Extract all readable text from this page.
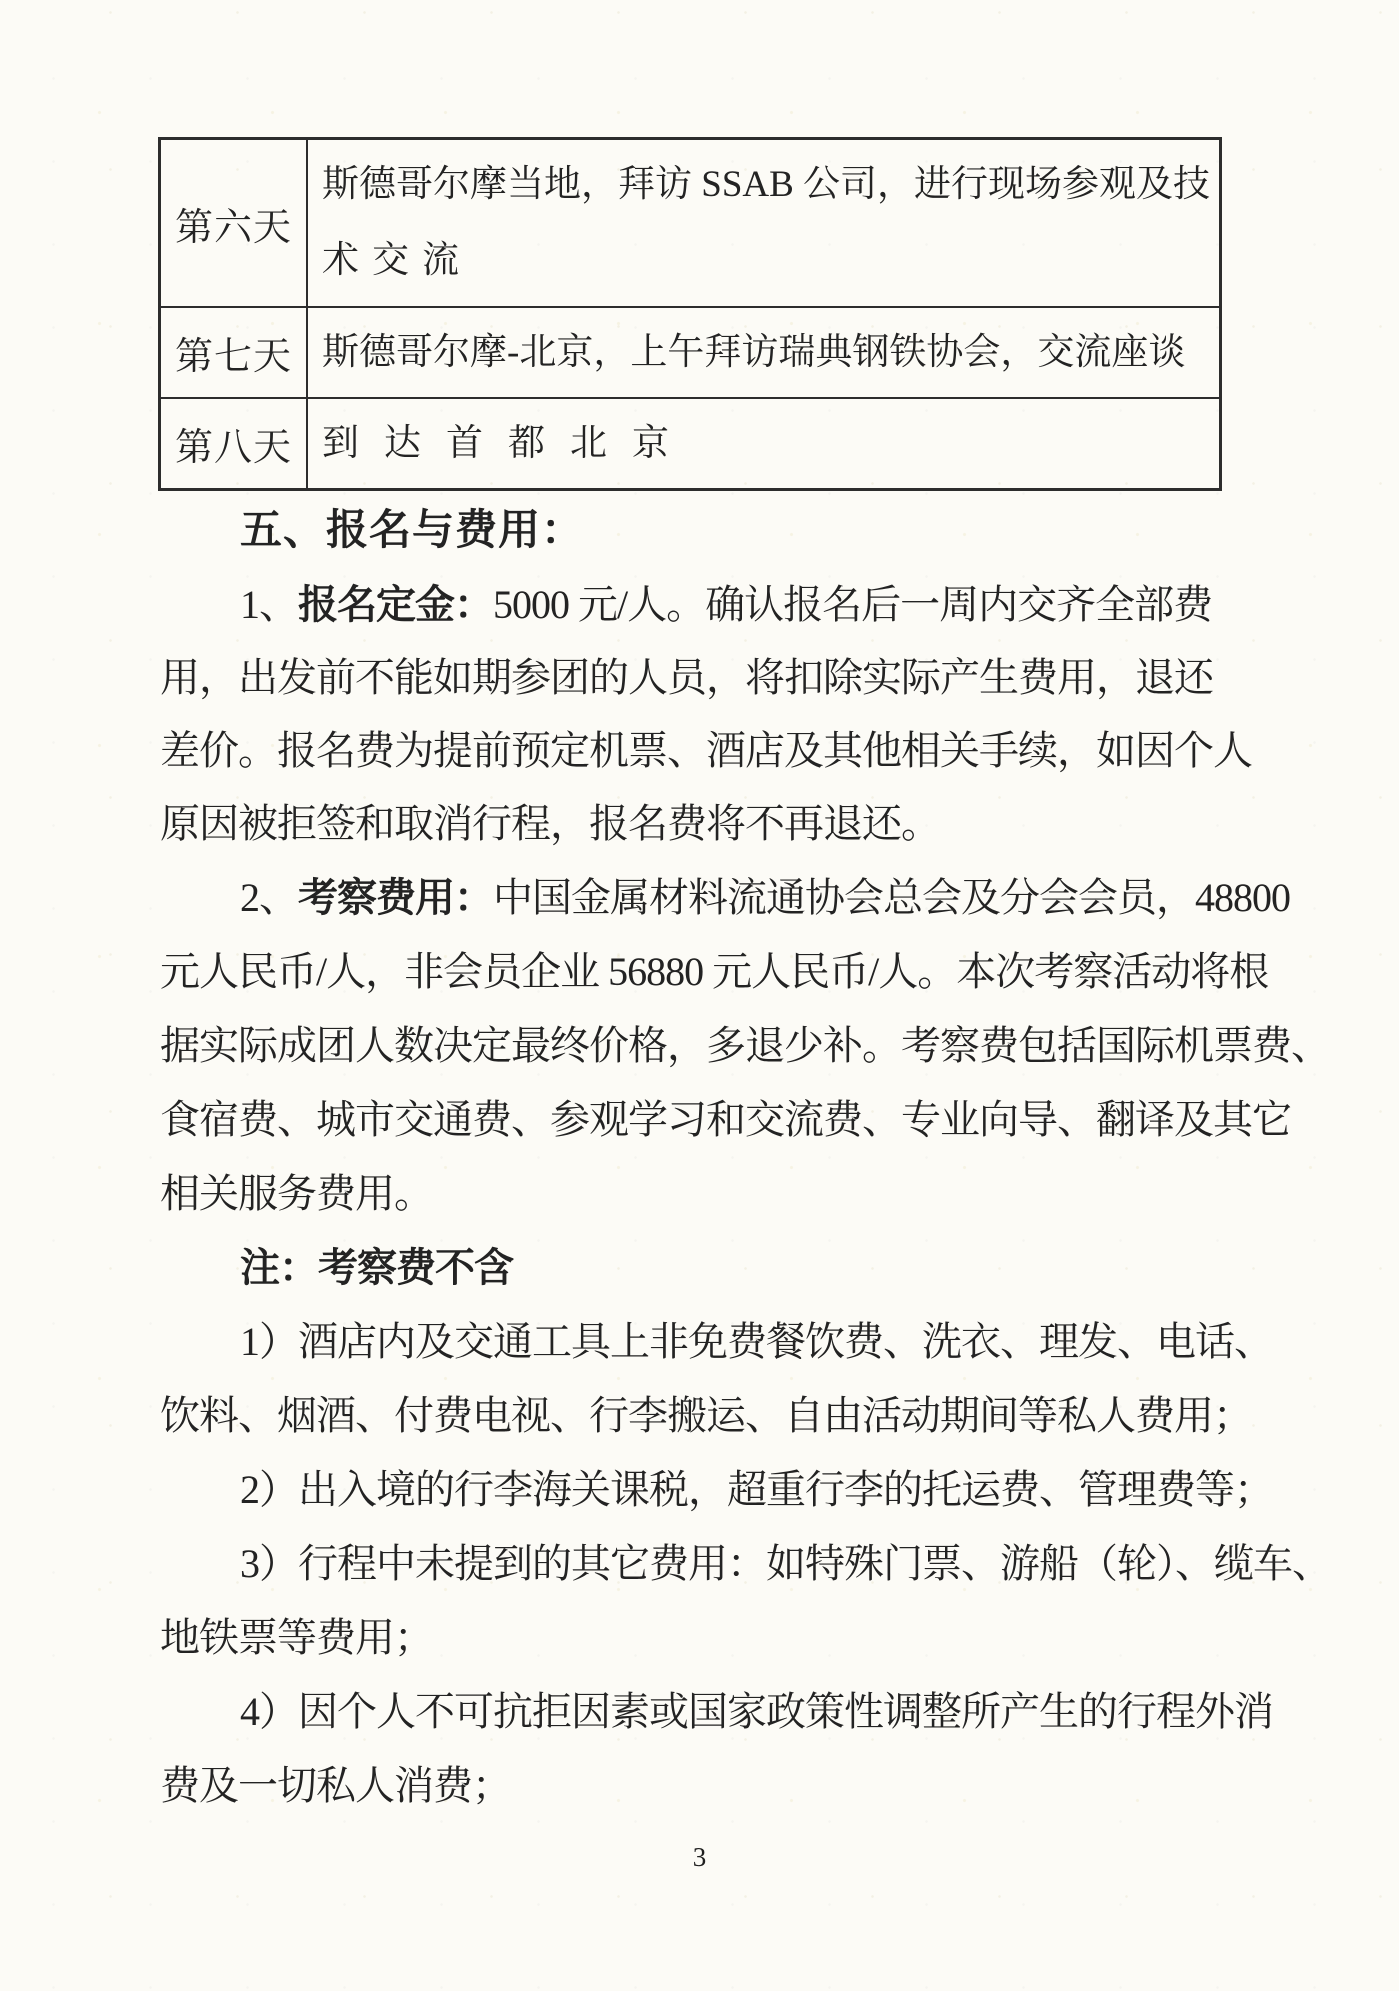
第六天
斯德哥尔摩当地，拜访 SSAB 公司，进行现场参观及技
术交流
第七天 斯德哥尔摩-北京，上午拜访瑞典钢铁协会，交流座谈
第八天 到达首都北京
五、报名与费用：
1、报名定金：5000 元/人。确认报名后一周内交齐全部费
用，出发前不能如期参团的人员，将扣除实际产生费用，退还
差价。报名费为提前预定机票、酒店及其他相关手续，如因个人
原因被拒签和取消行程，报名费将不再退还。
2、考察费用：中国金属材料流通协会总会及分会会员，48800
元人民币/人，非会员企业 56880 元人民币/人。本次考察活动将根
据实际成团人数决定最终价格，多退少补。考察费包括国际机票费、
食宿费、城市交通费、参观学习和交流费、专业向导、翻译及其它
相关服务费用。
注：考察费不含
1）酒店内及交通工具上非免费餐饮费、洗衣、理发、电话、
饮料、烟酒、付费电视、行李搬运、自由活动期间等私人费用；
2）出入境的行李海关课税，超重行李的托运费、管理费等；
3）行程中未提到的其它费用：如特殊门票、游船（轮）、缆车、
地铁票等费用；
4）因个人不可抗拒因素或国家政策性调整所产生的行程外消
费及一切私人消费；
3
